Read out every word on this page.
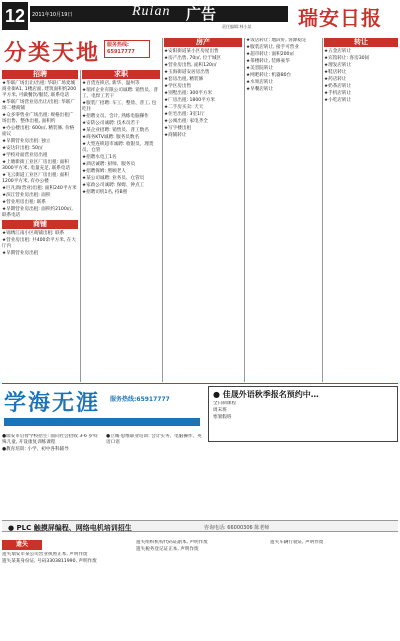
12	2011年10月19日	Ruian 广告	瑞安日报
责任编辑:林小某
分类天地 服务热线:
65917777
招聘
★华联广场出让/出租: 华联广场麦城商业街A1, 1楼店面, 建筑面积约200平方米, 可做餐饮/服装, 联系电话
★华联广场营业房出让/出租: 华联广场二楼商铺
★众多零售业广场出租: 规格出租广场出售、整体出租, 面积约
★办公楼出租: 600㎡, 精装修, 价格面议
★早期营业房出租: 独立
★安达轩出租: 50㎡
★学校对面营业房出租
★上塘新街工业区厂房出租: 面积3000平方米, 电量充足, 联系电话
★飞云街道工业区厂房出租: 面积1200平方米, 有办公楼
★巨凡酒(营业)出租: 面积240平方米
★滨江营业房出租: 面积
★营业用房出租: 联系
★早期营业房出租: 面积约2100㎡, 联系电话
商铺
★锦绣江南小区商铺出租: 联系
★营业房出租: 共400余平方米, 在大厅内
★早期营业房出租
求职
★百货连锁店, 新华、温州等
★瑞祥企业有限公司诚聘: 销售员、普工、电焊工若干
★服装厂招聘: 车工、整烫、普工, 包吃住
★招聘文员、会计, 熟练电脑操作
★安防公司诚聘: 技术员若干
★某企业招聘: 销售员、普工数名
★商务KTV诚聘: 服务员数名
★大型连锁超市诚聘: 收银员、理货员、仓管
★招聘水电工1名
★酒店诚聘: 厨师、服务员
★招聘保姆: 照顾老人
★某公司诚聘: 业务员、仓管员
★家政公司诚聘: 保姆、钟点工
★招聘司机1名, 持B照
房产
★安阳街道某小区房屋出售
★房产出售, 70㎡, 位于城区
★营业房出售, 面积120㎡
★玉海街道安居房出售
★套房出租, 精装修
★学区房出售
★别墅出租: 300平方米
★厂房出租: 1800平方米
★二手房买卖: 天天
★住宅出租: 3室1厅
★公寓出租: 家电齐全
★写字楼出租
★商铺转让
★饭店转让: 地段好, 客源稳定
★服装店转让, 接手可营业
★超市转让: 面积200㎡
★茶楼转让, 装修豪华
★美容院转让
★网吧转让: 机器80台
★水果店转让
★早餐店转让
转让
★五金店转让
★宾馆转让: 客房30间
★理发店转让
★鞋店转让
★药店转让
★奶茶店转让
★手机店转让
★小吃店转让
学海无涯 服务热线:65917777
●瑞安市启智学校招生: 面向社会招收 3-6 岁特殊儿童, 开设康复训练课程
●教育培训: 小学、初中各科辅导
●立城·思维职业培训: 会计实务、电脑操作、英语口语
● 佳晟外语秋季报名预约中…
全日制课程
周末班
寒暑假班
● PLC 触摸屏编程、网络电机培训招生	咨询电话: 66000306 陈老师
遗失
遗失瑞安市某公司营业执照正本, 声明作废
遗失某某身份证, 号码3303811990, 声明作废
遗失组织机构代码证副本, 声明作废
遗失税务登记证正本, 声明作废
遗失车辆行驶证, 声明作废
